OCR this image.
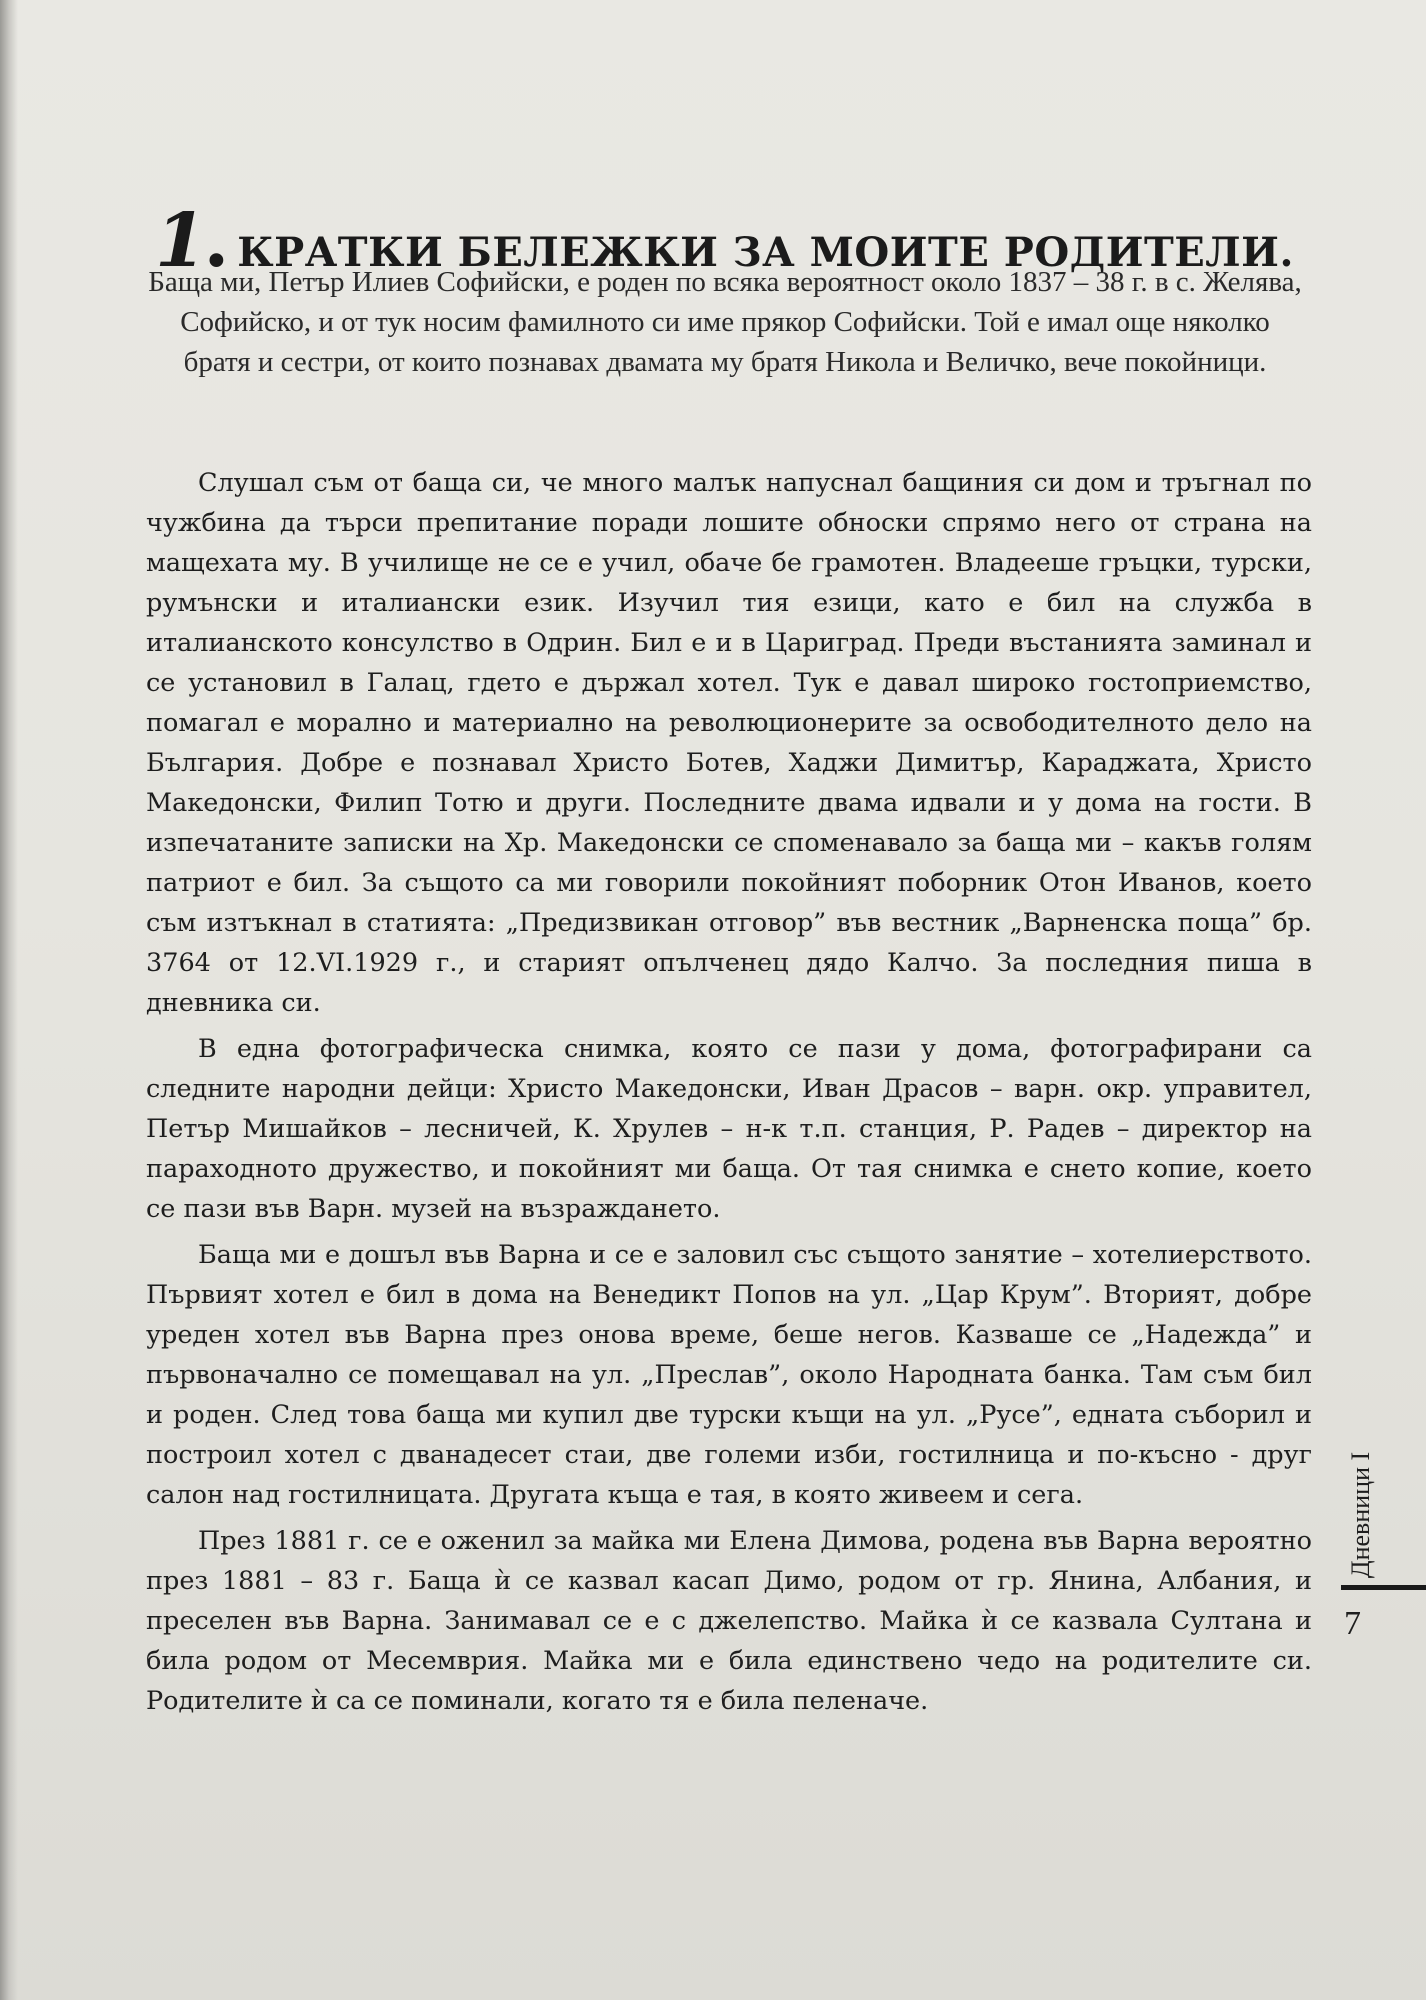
1. КРАТКИ БЕЛЕЖКИ ЗА МОИТЕ РОДИТЕЛИ.
Баща ми, Петър Илиев Софийски, е роден по всяка вероятност около 1837 – 38 г. в с. Желява, Софийско, и от тук носим фамилното си име прякор Софийски. Той е имал още няколко братя и сестри, от които познавах двамата му братя Никола и Величко, вече покойници.

Слушал съм от баща си, че много малък напуснал бащиния си дом и тръгнал по чужбина да търси препитание поради лошите обноски спрямо него от страна на мащехата му. В училище не се е учил, обаче бе грамотен. Владееше гръцки, турски, румънски и италиански език. Изучил тия езици, като е бил на служба в италианското консулство в Одрин. Бил е и в Цариград. Преди въстанията заминал и се установил в Галац, гдето е държал хотел. Тук е давал широко гостоприемство, помагал е морално и материално на революционерите за освободителното дело на България. Добре е познавал Христо Ботев, Хаджи Димитър, Караджата, Христо Македонски, Филип Тотю и други. Последните двама идвали и у дома на гости. В изпечатаните записки на Хр. Македонски се споменавало за баща ми – какъв голям патриот е бил. За същото са ми говорили покойният поборник Отон Иванов, което съм изтъкнал в статията: „Предизвикан отговор” във вестник „Варненска поща” бр. 3764 от 12.VI.1929 г., и старият опълченец дядо Калчо. За последния пиша в дневника си.

В една фотографическа снимка, която се пази у дома, фотографирани са следните народни дейци: Христо Македонски, Иван Драсов – варн. окр. управител, Петър Мишайков – лесничей, К. Хрулев – н-к т.п. станция, Р. Радев – директор на параходното дружество, и покойният ми баща. От тая снимка е снето копие, което се пази във Варн. музей на възраждането.

Баща ми е дошъл във Варна и се е заловил със същото занятие – хотелиерството. Първият хотел е бил в дома на Венедикт Попов на ул. „Цар Крум”. Вторият, добре уреден хотел във Варна през онова време, беше негов. Казваше се „Надежда” и първоначално се помещавал на ул. „Преслав”, около Народната банка. Там съм бил и роден. След това баща ми купил две турски къщи на ул. „Русе”, едната съборил и построил хотел с дванадесет стаи, две големи изби, гостилница и по-късно - друг салон над гостилницата. Другата къща е тая, в която живеем и сега.

През 1881 г. се е оженил за майка ми Елена Димова, родена във Варна вероятно през 1881 – 83 г. Баща ѝ се казвал касап Димо, родом от гр. Янина, Албания, и преселен във Варна. Занимавал се е с джелепство. Майка ѝ се казвала Султана и била родом от Месемврия. Майка ми е била единствено чедо на родителите си. Родителите ѝ са се поминали, когато тя е била пеленаче.

Дневници I
7
